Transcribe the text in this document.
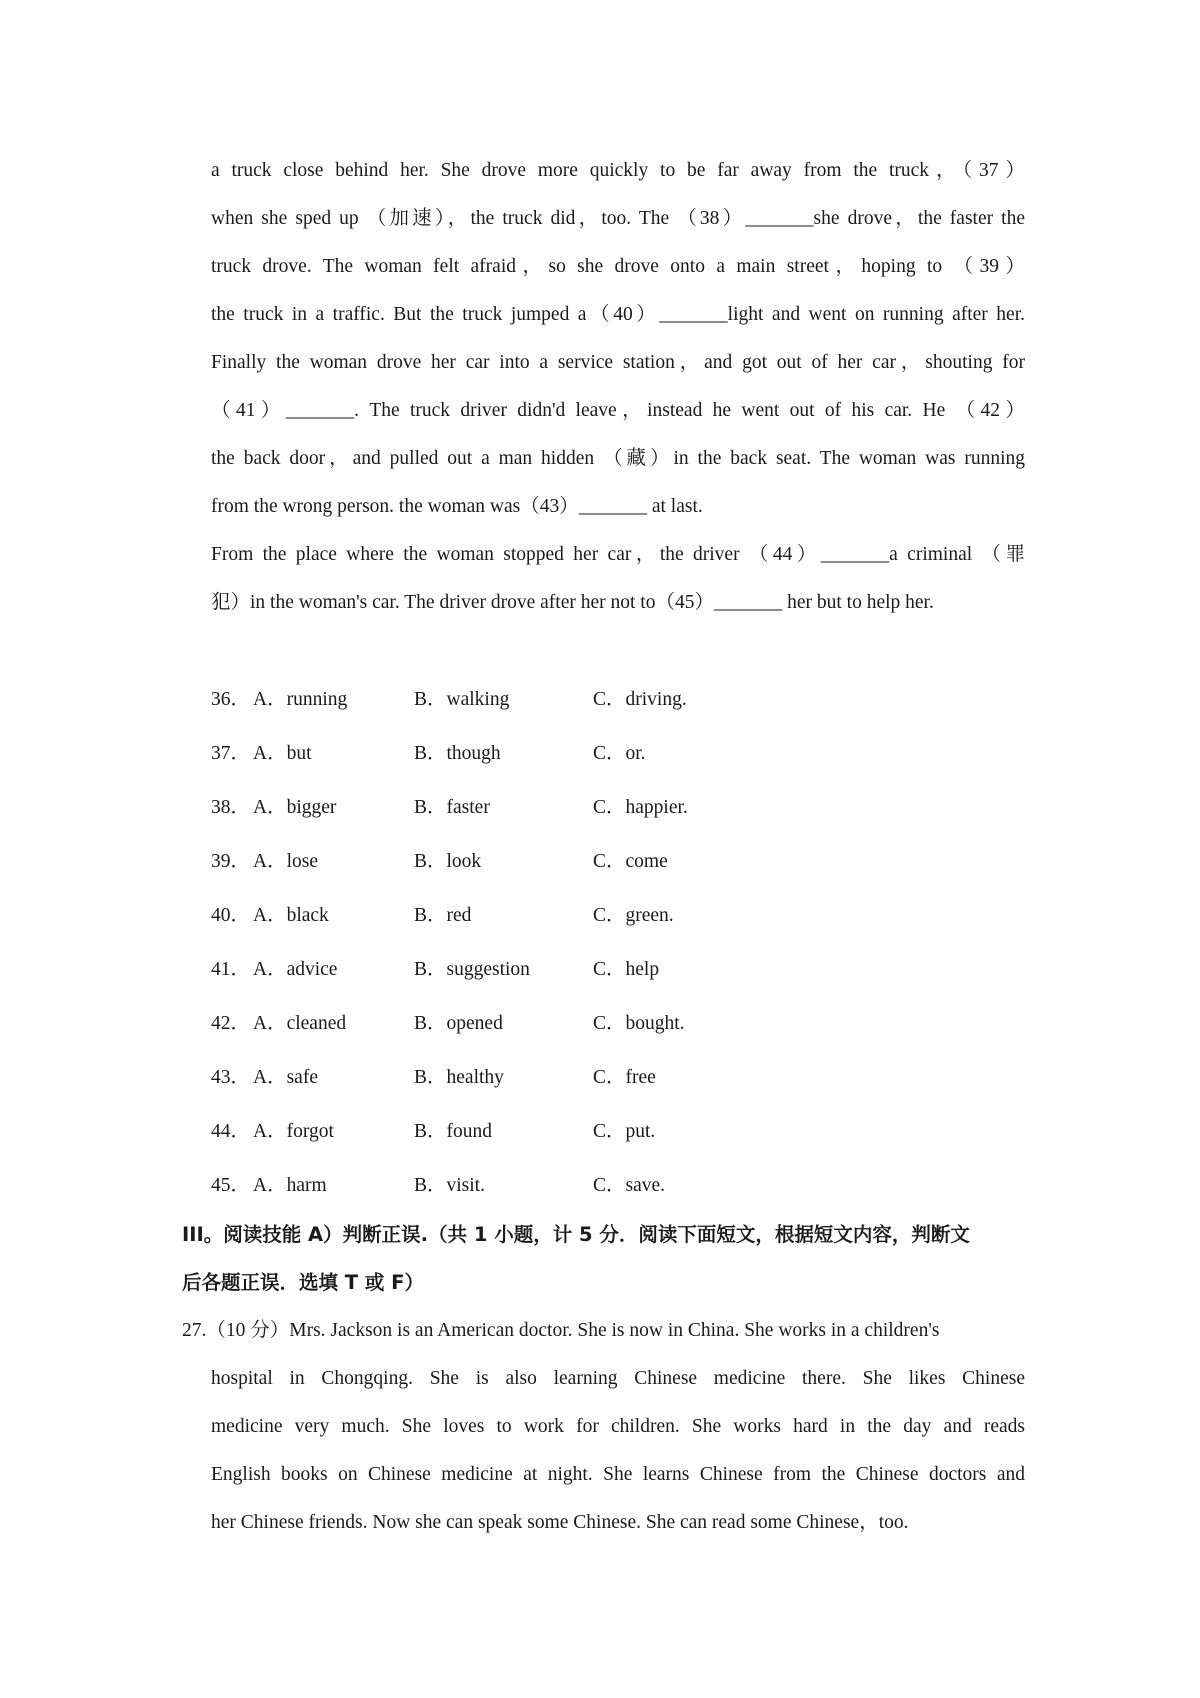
a truck close behind her. She drove more quickly to be far away from the truck，（37）
when she sped up （加速），the truck did，too. The （38）_______she drove，the faster the
truck drove. The woman felt afraid，so she drove onto a main street，hoping to （39）
the truck in a traffic. But the truck jumped a（40）_______light and went on running after her.
Finally the woman drove her car into a service station，and got out of her car，shouting for
（41）_______. The truck driver didn'd leave，instead he went out of his car. He （42）
the back door，and pulled out a man hidden （藏）in the back seat. The woman was running
from the wrong person. the woman was（43）_______ at last.
From the place where the woman stopped her car，the driver （44）_______a criminal （罪
犯）in the woman's car. The driver drove after her not to（45）_______ her but to help her.
36． A．running	B．walking	C．driving.
37． A．but	B．though	C．or.
38． A．bigger	B．faster	C．happier.
39． A．lose	B．look	C．come
40． A．black	B．red	C．green.
41． A．advice	B．suggestion	C．help
42． A．cleaned	B．opened	C．bought.
43． A．safe	B．healthy	C．free
44． A．forgot	B．found	C．put.
45． A．harm	B．visit.	C．save.
III。阅读技能 A）判断正误.（共 1 小题，计 5 分．阅读下面短文，根据短文内容，判断文
后各题正误．选填 T 或 F）
27.（10 分）Mrs. Jackson is an American doctor. She is now in China. She works in a children's
hospital in Chongqing. She is also learning Chinese medicine there. She likes Chinese
medicine very much. She loves to work for children. She works hard in the day and reads
English books on Chinese medicine at night. She learns Chinese from the Chinese doctors and
her Chinese friends. Now she can speak some Chinese. She can read some Chinese，too.
